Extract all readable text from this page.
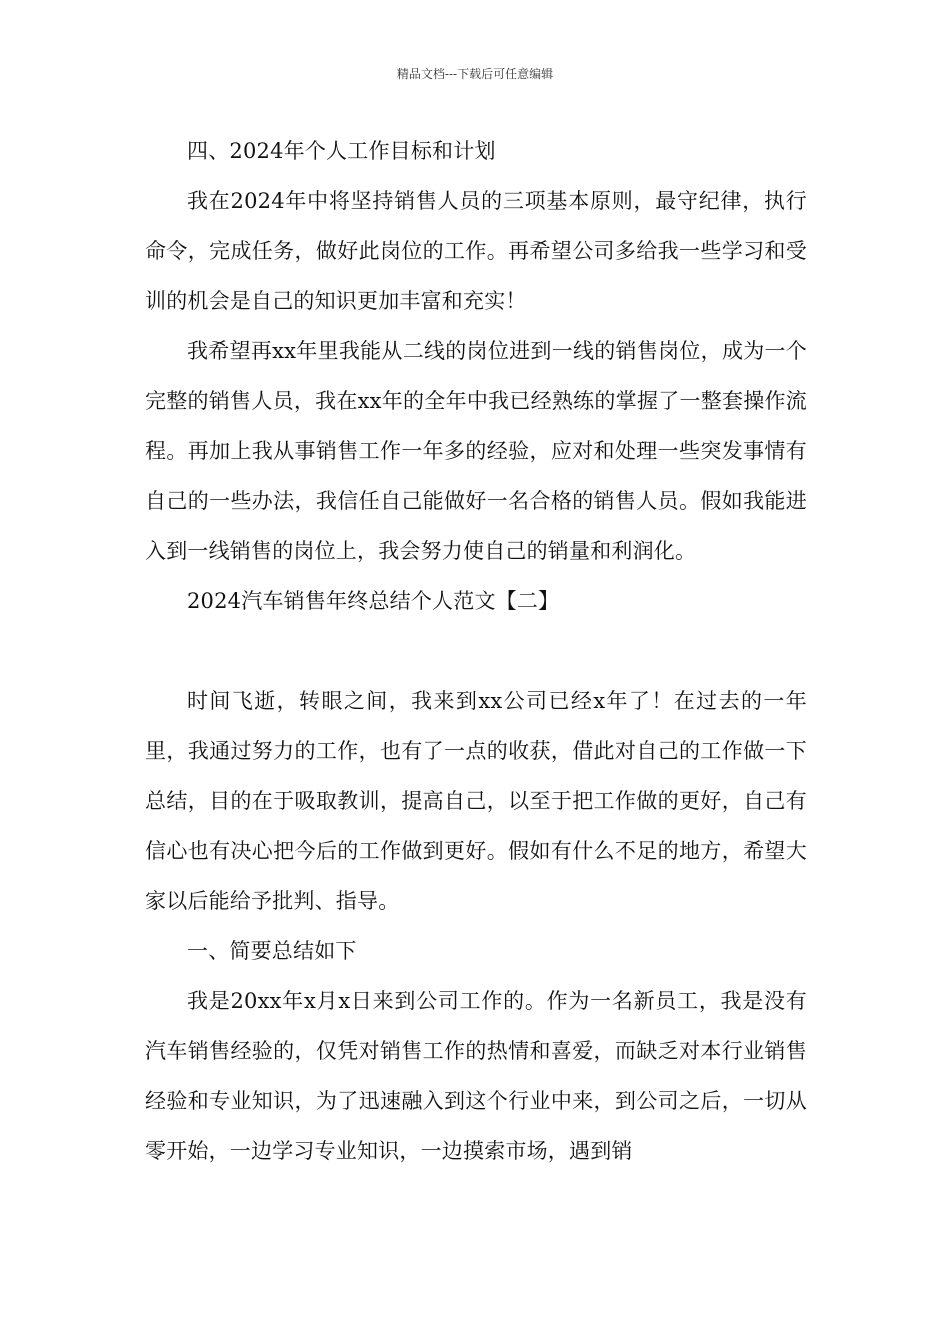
精品文档---下载后可任意编辑

四、2024年个人工作目标和计划

我在2024年中将坚持销售人员的三项基本原则，最守纪律，执行命令，完成任务，做好此岗位的工作。再希望公司多给我一些学习和受训的机会是自己的知识更加丰富和充实！

我希望再xx年里我能从二线的岗位进到一线的销售岗位，成为一个完整的销售人员，我在xx年的全年中我已经熟练的掌握了一整套操作流程。再加上我从事销售工作一年多的经验，应对和处理一些突发事情有自己的一些办法，我信任自己能做好一名合格的销售人员。假如我能进入到一线销售的岗位上，我会努力使自己的销量和利润化。

2024汽车销售年终总结个人范文【二】

时间飞逝，转眼之间，我来到xx公司已经x年了！在过去的一年里，我通过努力的工作，也有了一点的收获，借此对自己的工作做一下总结，目的在于吸取教训，提高自己，以至于把工作做的更好，自己有信心也有决心把今后的工作做到更好。假如有什么不足的地方，希望大家以后能给予批判、指导。

一、简要总结如下

我是20xx年x月x日来到公司工作的。作为一名新员工，我是没有汽车销售经验的，仅凭对销售工作的热情和喜爱，而缺乏对本行业销售经验和专业知识，为了迅速融入到这个行业中来，到公司之后，一切从零开始，一边学习专业知识，一边摸索市场，遇到销
